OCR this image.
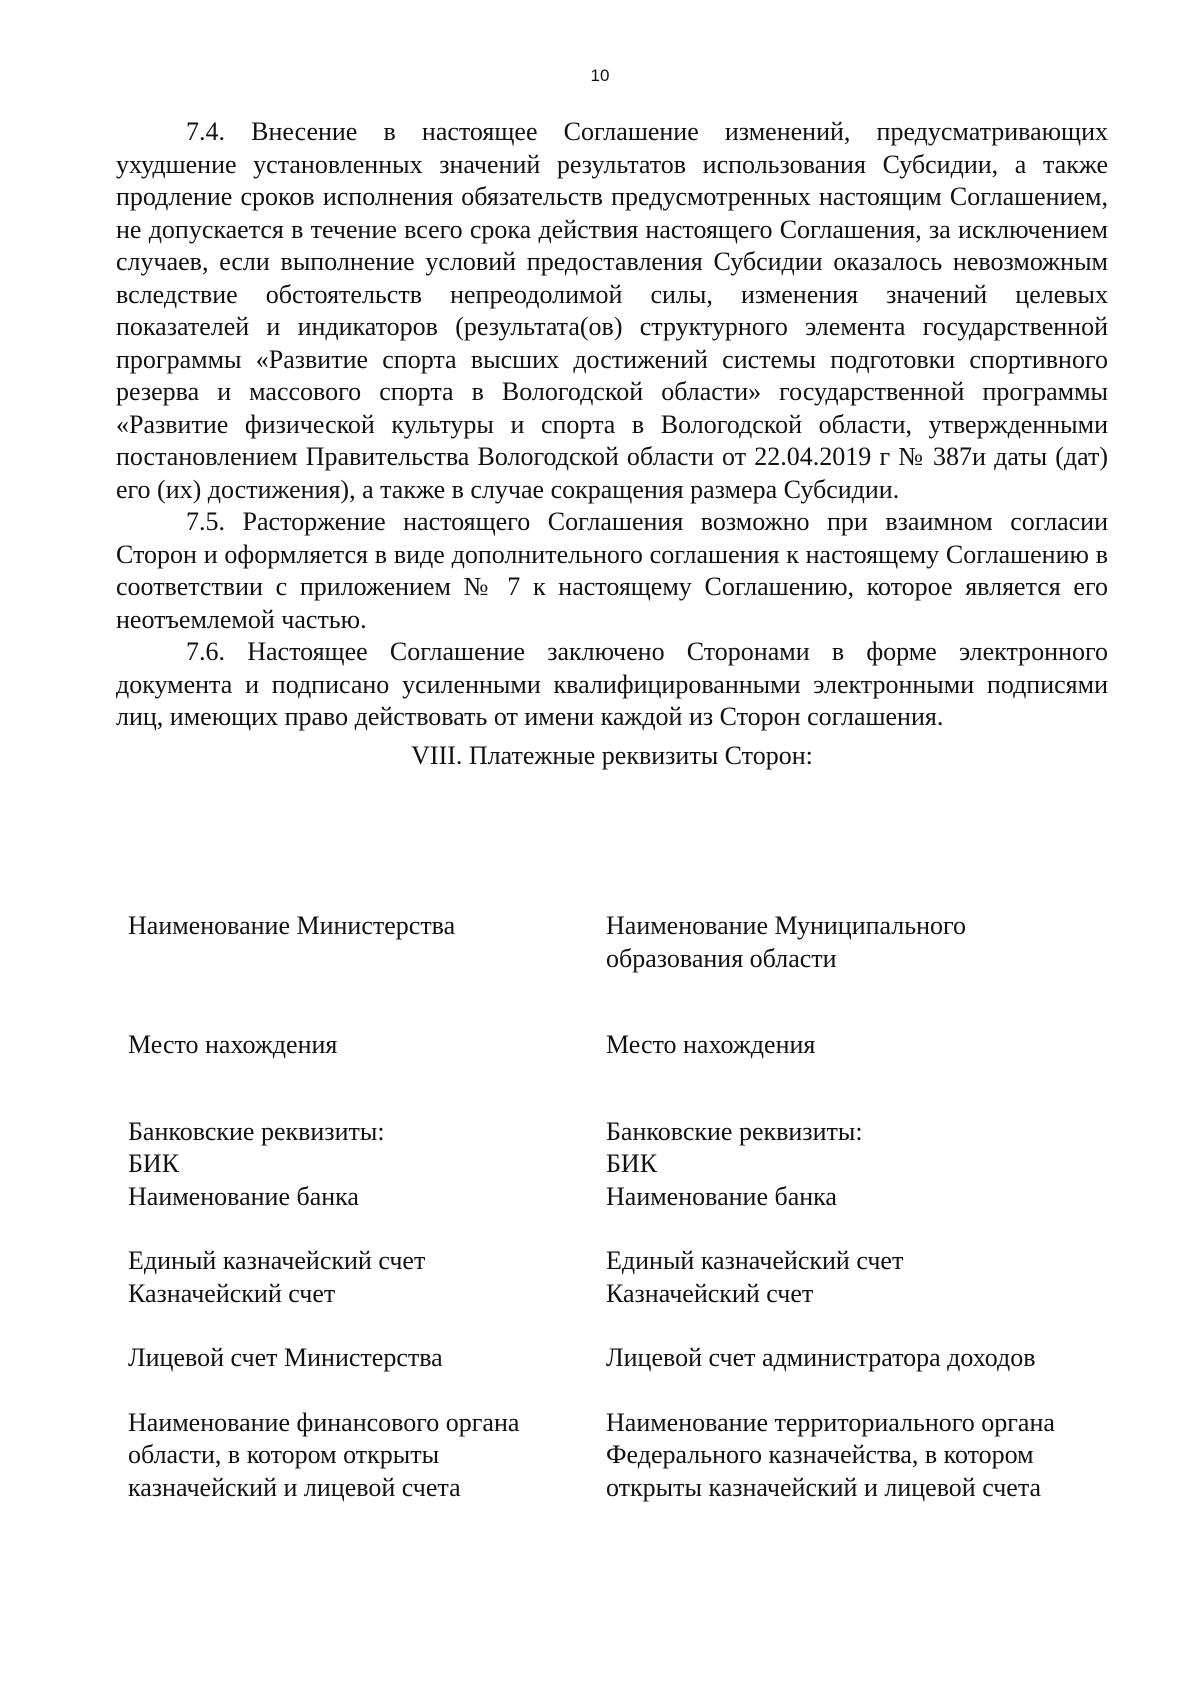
10

7.4. Внесение в настоящее Соглашение изменений, предусматривающих ухудшение установленных значений результатов использования Субсидии, а также продление сроков исполнения обязательств предусмотренных настоящим Соглашением, не допускается в течение всего срока действия настоящего Соглашения, за исключением случаев, если выполнение условий предоставления Субсидии оказалось невозможным вследствие обстоятельств непреодолимой силы, изменения значений целевых показателей и индикаторов (результата(ов) структурного элемента государственной программы «Развитие спорта высших достижений системы подготовки спортивного резерва и массового спорта в Вологодской области» государственной программы «Развитие физической культуры и спорта в Вологодской области, утвержденными постановлением Правительства Вологодской области от 22.04.2019 г № 387и даты (дат) его (их) достижения), а также в случае сокращения размера Субсидии.

7.5. Расторжение настоящего Соглашения возможно при взаимном согласии Сторон и оформляется в виде дополнительного соглашения к настоящему Соглашению в соответствии с приложением № 7 к настоящему Соглашению, которое является его неотъемлемой частью.

7.6. Настоящее Соглашение заключено Сторонами в форме электронного документа и подписано усиленными квалифицированными электронными подписями лиц, имеющих право действовать от имени каждой из Сторон соглашения.

VIII. Платежные реквизиты Сторон:

Наименование Министерства

Место нахождения
Банковские реквизиты:
БИК
Наименование банка
Единый казначейский счет
Казначейский счет
Лицевой счет Министерства
Наименование финансового органа
области, в котором открыты
казначейский и лицевой счета
Наименование Муниципального
образования области
Место нахождения
Банковские реквизиты:
БИК
Наименование банка
Единый казначейский счет
Казначейский счет
Лицевой счет администратора доходов
Наименование территориального органа
Федерального казначейства, в котором
открыты казначейский и лицевой счета
